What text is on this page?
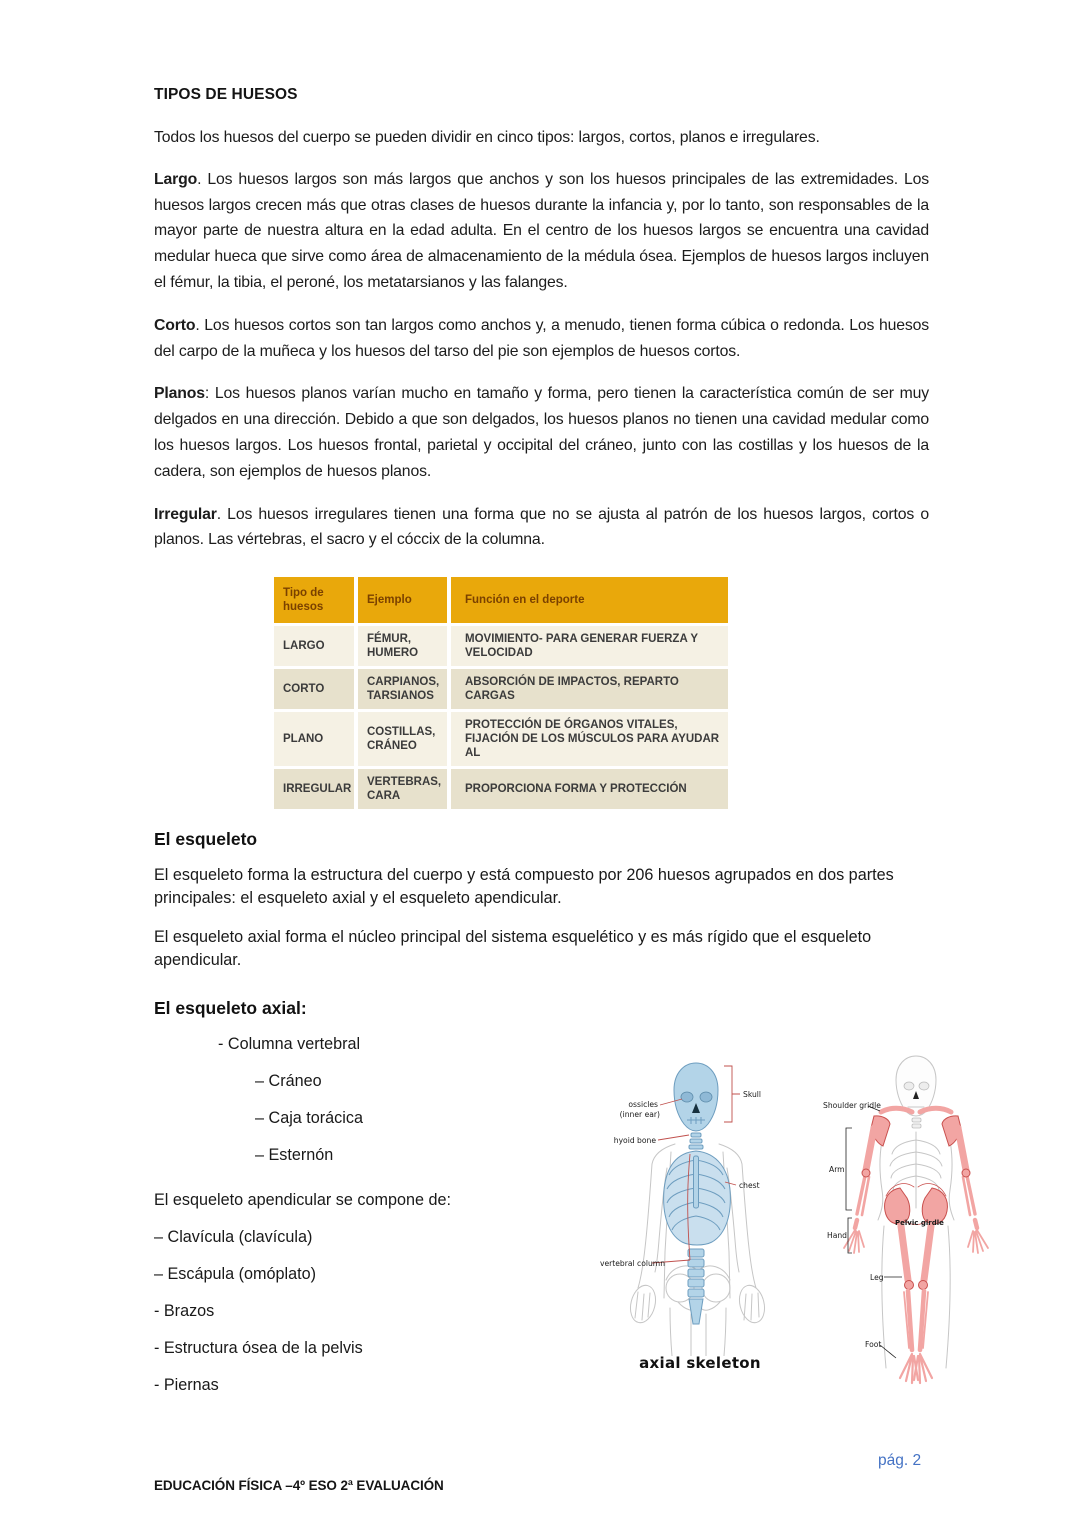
TIPOS DE HUESOS

Todos los huesos del cuerpo se pueden dividir en cinco tipos: largos, cortos, planos e irregulares.

Largo. Los huesos largos son más largos que anchos y son los huesos principales de las extremidades. Los huesos largos crecen más que otras clases de huesos durante la infancia y, por lo tanto, son responsables de la mayor parte de nuestra altura en la edad adulta. En el centro de los huesos largos se encuentra una cavidad medular hueca que sirve como área de almacenamiento de la médula ósea. Ejemplos de huesos largos incluyen el fémur, la tibia, el peroné, los metatarsianos y las falanges.

Corto. Los huesos cortos son tan largos como anchos y, a menudo, tienen forma cúbica o redonda. Los huesos del carpo de la muñeca y los huesos del tarso del pie son ejemplos de huesos cortos.

Planos: Los huesos planos varían mucho en tamaño y forma, pero tienen la característica común de ser muy delgados en una dirección. Debido a que son delgados, los huesos planos no tienen una cavidad medular como los huesos largos. Los huesos frontal, parietal y occipital del cráneo, junto con las costillas y los huesos de la cadera, son ejemplos de huesos planos.

Irregular. Los huesos irregulares tienen una forma que no se ajusta al patrón de los huesos largos, cortos o planos. Las vértebras, el sacro y el cóccix de la columna.

Tipo de huesos	Ejemplo	Función en el deporte
LARGO	FÉMUR, HUMERO	MOVIMIENTO- PARA GENERAR FUERZA Y VELOCIDAD
CORTO	CARPIANOS, TARSIANOS	ABSORCIÓN DE IMPACTOS, REPARTO CARGAS
PLANO	COSTILLAS, CRÁNEO	PROTECCIÓN DE ÓRGANOS VITALES, FIJACIÓN DE LOS MÚSCULOS PARA AYUDAR AL
IRREGULAR	VERTEBRAS, CARA	PROPORCIONA FORMA Y PROTECCIÓN
El esqueleto

El esqueleto forma la estructura del cuerpo y está compuesto por 206 huesos agrupados en dos partes principales: el esqueleto axial y el esqueleto apendicular.

El esqueleto axial forma el núcleo principal del sistema esquelético y es más rígido que el esqueleto apendicular.

El esqueleto axial:
- Columna vertebral
– Cráneo
– Caja torácica
– Esternón
El esqueleto apendicular se compone de:
– Clavícula (clavícula)
– Escápula (omóplato)
- Brazos
- Estructura ósea de la pelvis
- Piernas
ossicles
(inner ear)
hyoid bone
Skull
chest
vertebral column
axial skeleton
Shoulder gridle
Arm
Hand
Pelvic girdle
Leg
Foot
EDUCACIÓN FÍSICA –4º ESO 2ª EVALUACIÓN
pág. 2
